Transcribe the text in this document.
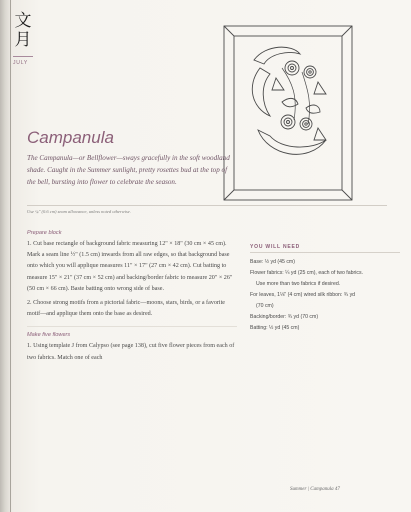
文
月
JULY
Campanula
The Campanula—or Bellflower—sways gracefully in the soft woodland shade. Caught in the Summer sunlight, pretty rosettes bud at the top of the bell, bursting into flower to celebrate the season.
Use ¼" (0.6 cm) seam allowance, unless noted otherwise.
Prepare block

1. Cut base rectangle of background fabric measuring 12" × 18" (30 cm × 45 cm). Mark a seam line ½" (1.5 cm) inwards from all raw edges, so that background base onto which you will applique measures 11" × 17" (27 cm × 42 cm). Cut batting to measure 15" × 21" (37 cm × 52 cm) and backing/border fabric to measure 20" × 26" (50 cm × 66 cm). Baste batting onto wrong side of base.

2. Choose strong motifs from a pictorial fabric—moons, stars, birds, or a favorite motif—and applique them onto the base as desired.

Make five flowers

1. Using template J from Calypso (see page 138), cut five flower pieces from each of two fabrics. Match one of each

YOU WILL NEED
Base: ½ yd (45 cm)
Flower fabrics: ¼ yd (25 cm), each of two fabrics.
Use more than two fabrics if desired.
For leaves, 1⅛" (4 cm) wired silk ribbon: ¾ yd
(70 cm)
Backing/border: ¾ yd (70 cm)
Batting: ½ yd (45 cm)
Summer | Campanula 47
